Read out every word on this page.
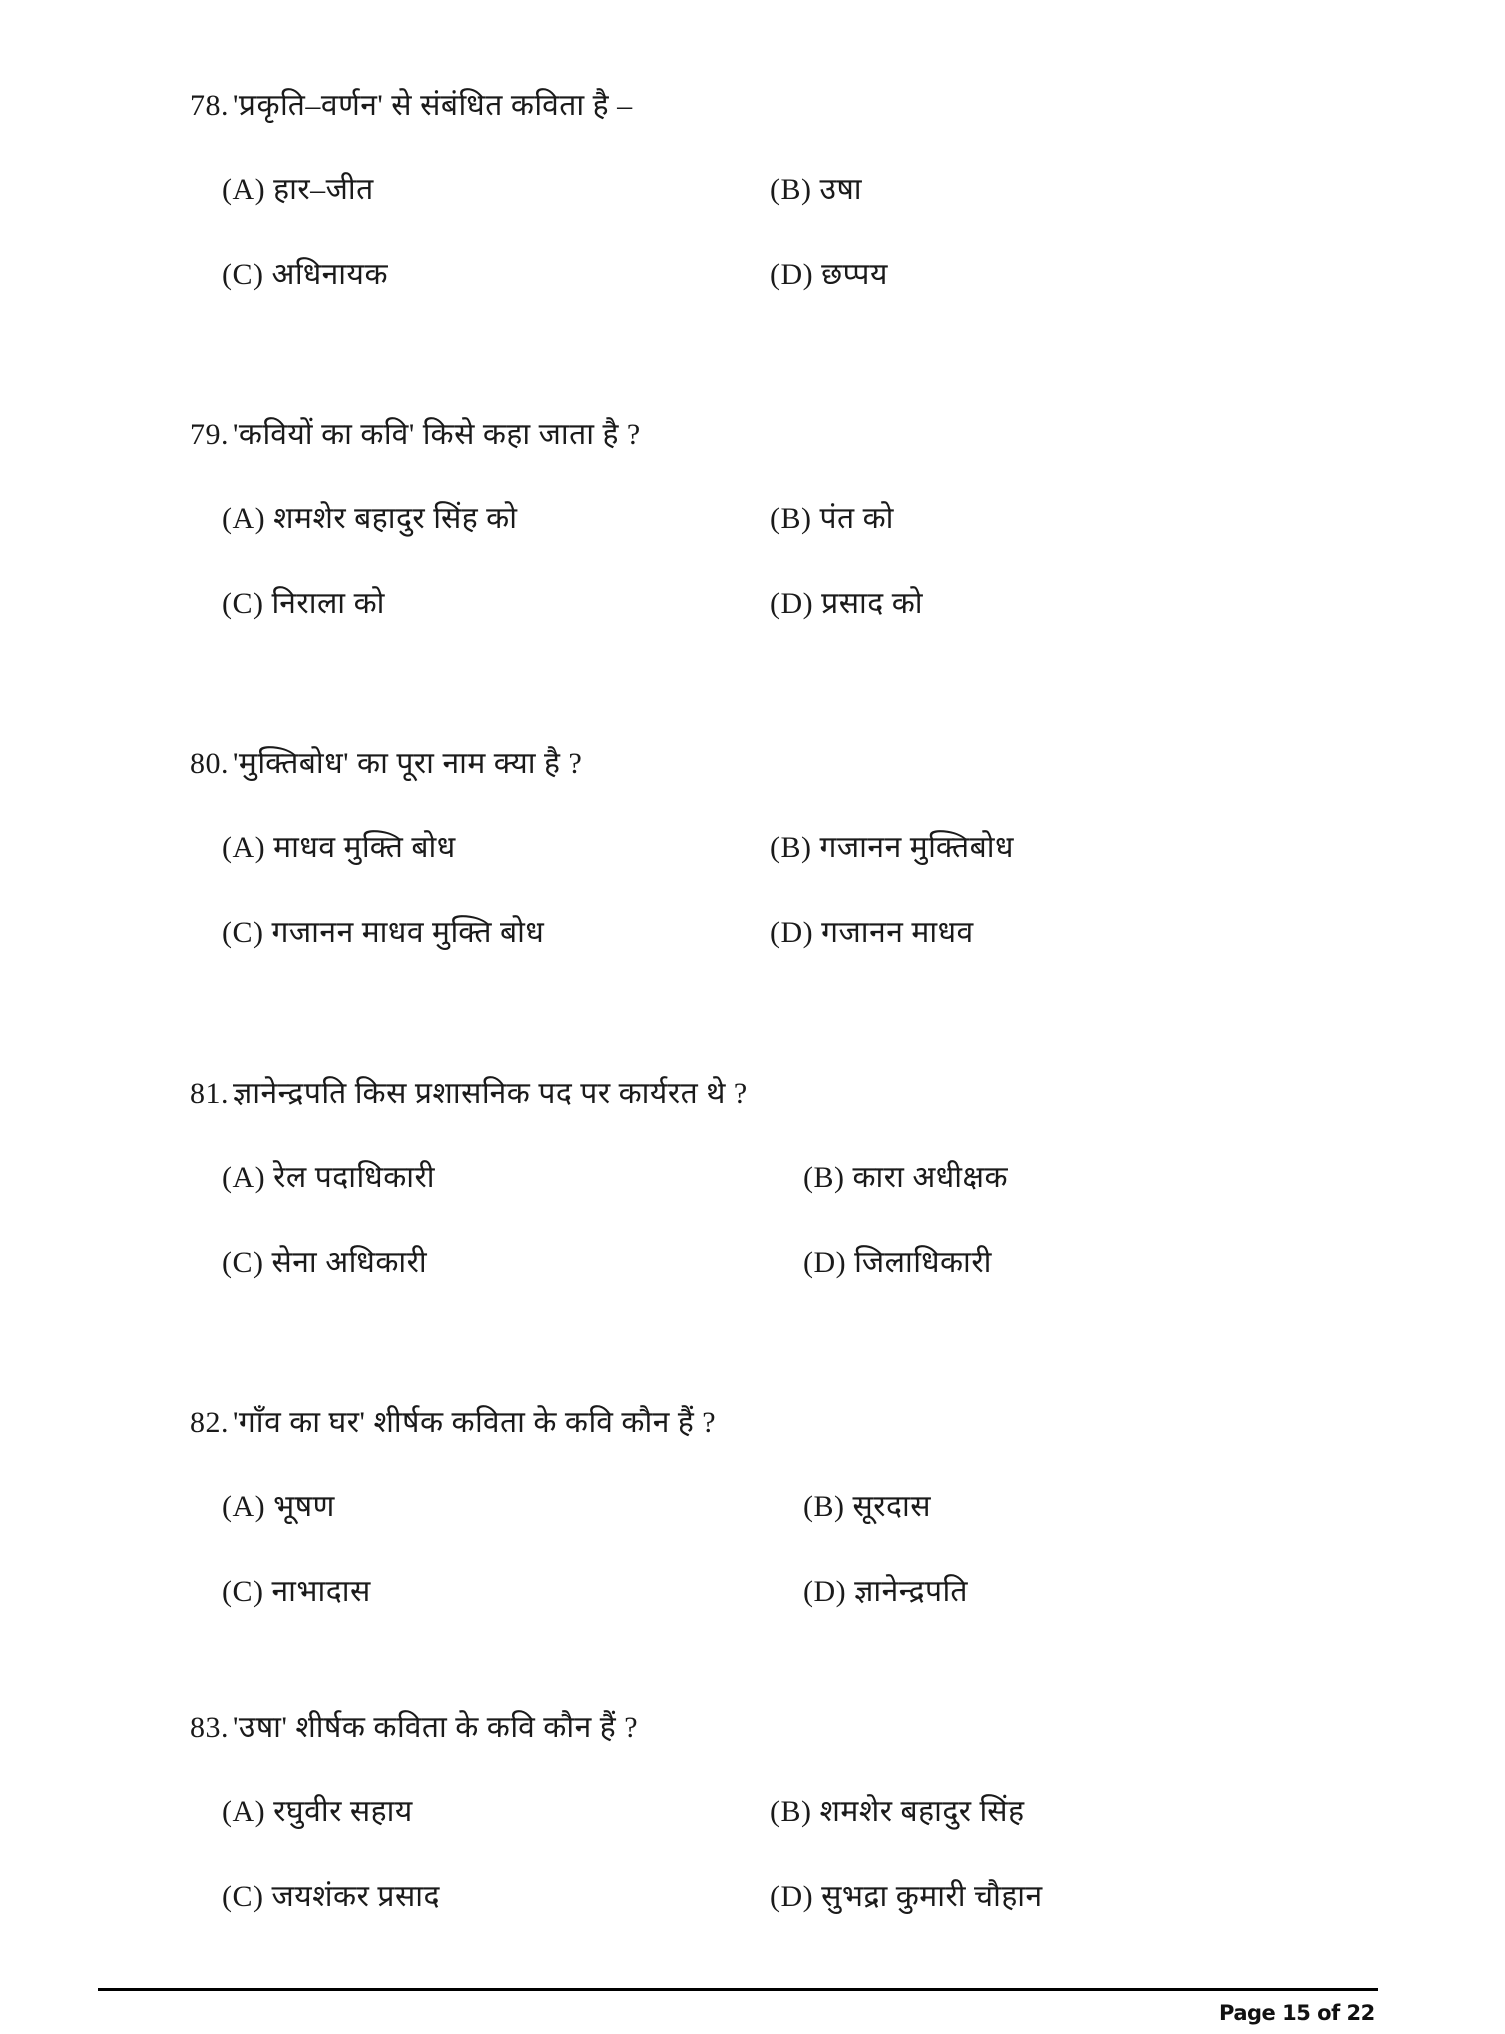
78. 'प्रकृति–वर्णन' से संबंधित कविता है –
(A) हार–जीत	(B) उषा
(C) अधिनायक	(D) छप्पय
79. 'कवियों का कवि' किसे कहा जाता है ?
(A) शमशेर बहादुर सिंह को	(B) पंत को
(C) निराला को	(D) प्रसाद को
80. 'मुक्तिबोध' का पूरा नाम क्या है ?
(A) माधव मुक्ति बोध	(B) गजानन मुक्तिबोध
(C) गजानन माधव मुक्ति बोध	(D) गजानन माधव
81. ज्ञानेन्द्रपति किस प्रशासनिक पद पर कार्यरत थे ?
(A) रेल पदाधिकारी	(B) कारा अधीक्षक
(C) सेना अधिकारी	(D) जिलाधिकारी
82. 'गाँव का घर' शीर्षक कविता के कवि कौन हैं ?
(A) भूषण	(B) सूरदास
(C) नाभादास	(D) ज्ञानेन्द्रपति
83. 'उषा' शीर्षक कविता के कवि कौन हैं ?
(A) रघुवीर सहाय	(B) शमशेर बहादुर सिंह
(C) जयशंकर प्रसाद	(D) सुभद्रा कुमारी चौहान
Page 15 of 22
